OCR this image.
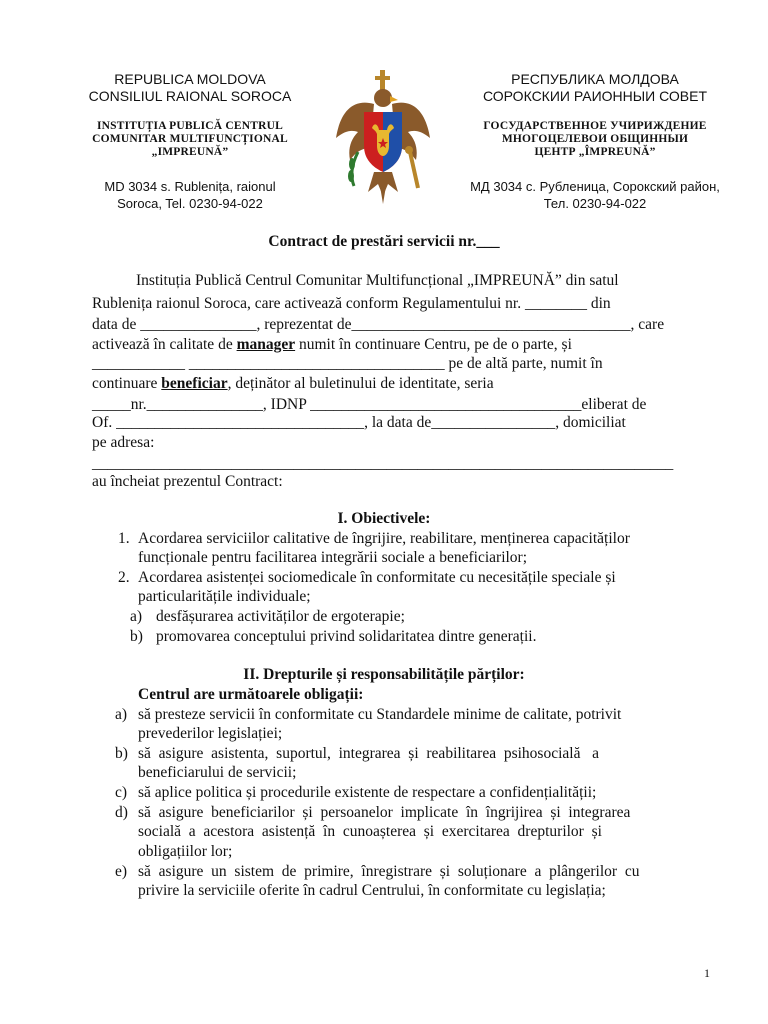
REPUBLICA MOLDOVA
CONSILIUL RAIONAL SOROCA
INSTITUȚIA PUBLICĂ CENTRUL
COMUNITAR MULTIFUNCȚIONAL
„IMPREUNĂ”
MD 3034 s. Rublenița, raionul
Soroca, Tel. 0230-94-022
РЕСПУБЛИКА МОЛДОВА
СОРОКСКИИ РАИОННЫИ СОВЕТ
ГОСУДАРСТВЕННОЕ УЧИРИЖДЕНИЕ
МНОГОЦЕЛЕВОИ ОБЩИННЫИ
ЦЕНТР „ÎMPREUNĂ”
МД 3034 с. Рубленица, Сорокский район,
Тел. 0230-94-022
Contract de prestări servicii nr.___
Instituția Publică Centrul Comunitar Multifuncțional „IMPREUNĂ” din satul
Rublenița raionul Soroca, care activează conform Regulamentului nr. ________ din
data de _______________, reprezentat de____________________________________, care
activează în calitate de manager numit în continuare Centru, pe de o parte, și
____________ _________________________________ pe de altă parte, numit în
continuare beneficiar, deținător al buletinului de identitate, seria
_____nr._______________, IDNP ___________________________________eliberat de
Of. ________________________________, la data de________________, domiciliat
pe adresa:
___________________________________________________________________________
au încheiat prezentul Contract:
I. Obiectivele:
1. Acordarea serviciilor calitative de îngrijire, reabilitare, menținerea capacităților
funcționale pentru facilitarea integrării sociale a beneficiarilor;
2. Acordarea asistenței sociomedicale în conformitate cu necesitățile speciale și
particularitățile individuale;
a) desfășurarea activităților de ergoterapie;
b) promovarea conceptului privind solidaritatea dintre generații.
II. Drepturile și responsabilitățile părților:
Centrul are următoarele obligații:
a) să presteze servicii în conformitate cu Standardele minime de calitate, potrivit
prevederilor legislației;
b) să  asigure  asistenta,  suportul,  integrarea  și  reabilitarea  psihosocială   a
beneficiarului de servicii;
c) să aplice politica și procedurile existente de respectare a confidențialității;
d) să  asigure  beneficiarilor  și  persoanelor  implicate  în  îngrijirea  și  integrarea
socială  a  acestora  asistență  în  cunoașterea  și  exercitarea  drepturilor  și
obligațiilor lor;
e) să  asigure  un  sistem  de  primire,  înregistrare  și  soluționare  a  plângerilor  cu
privire la serviciile oferite în cadrul Centrului, în conformitate cu legislația;
1
